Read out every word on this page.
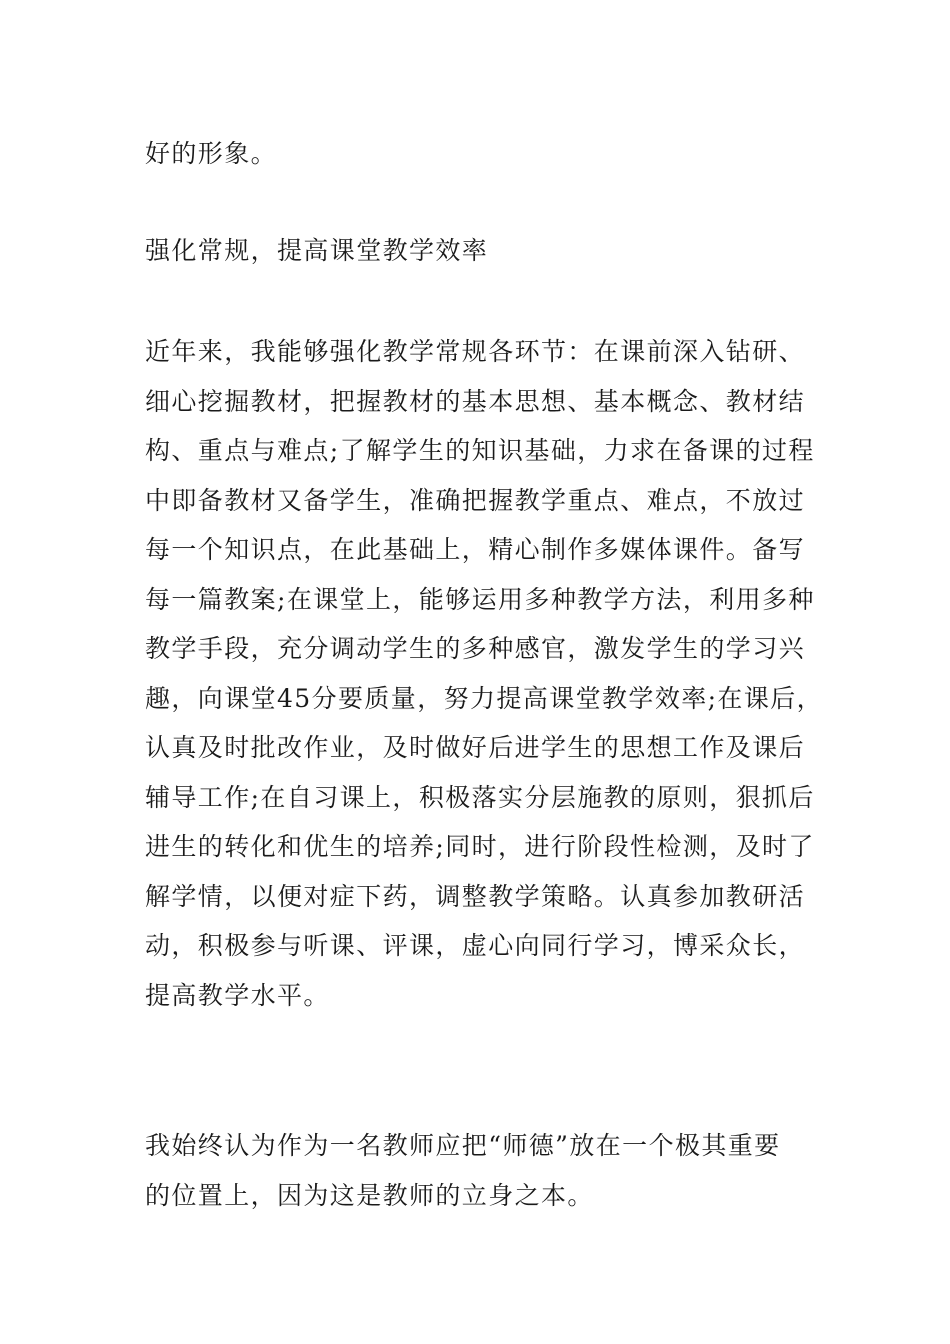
好的形象。

强化常规，提高课堂教学效率

近年来，我能够强化教学常规各环节：在课前深入钻研、
细心挖掘教材，把握教材的基本思想、基本概念、教材结
构、重点与难点;了解学生的知识基础，力求在备课的过程
中即备教材又备学生，准确把握教学重点、难点，不放过
每一个知识点，在此基础上，精心制作多媒体课件。备写
每一篇教案;在课堂上，能够运用多种教学方法，利用多种
教学手段，充分调动学生的多种感官，激发学生的学习兴
趣，向课堂45分要质量，努力提高课堂教学效率;在课后，
认真及时批改作业，及时做好后进学生的思想工作及课后
辅导工作;在自习课上，积极落实分层施教的原则，狠抓后
进生的转化和优生的培养;同时，进行阶段性检测，及时了
解学情，以便对症下药，调整教学策略。认真参加教研活
动，积极参与听课、评课，虚心向同行学习，博采众长，
提高教学水平。

我始终认为作为一名教师应把“师德”放在一个极其重要
的位置上，因为这是教师的立身之本。
